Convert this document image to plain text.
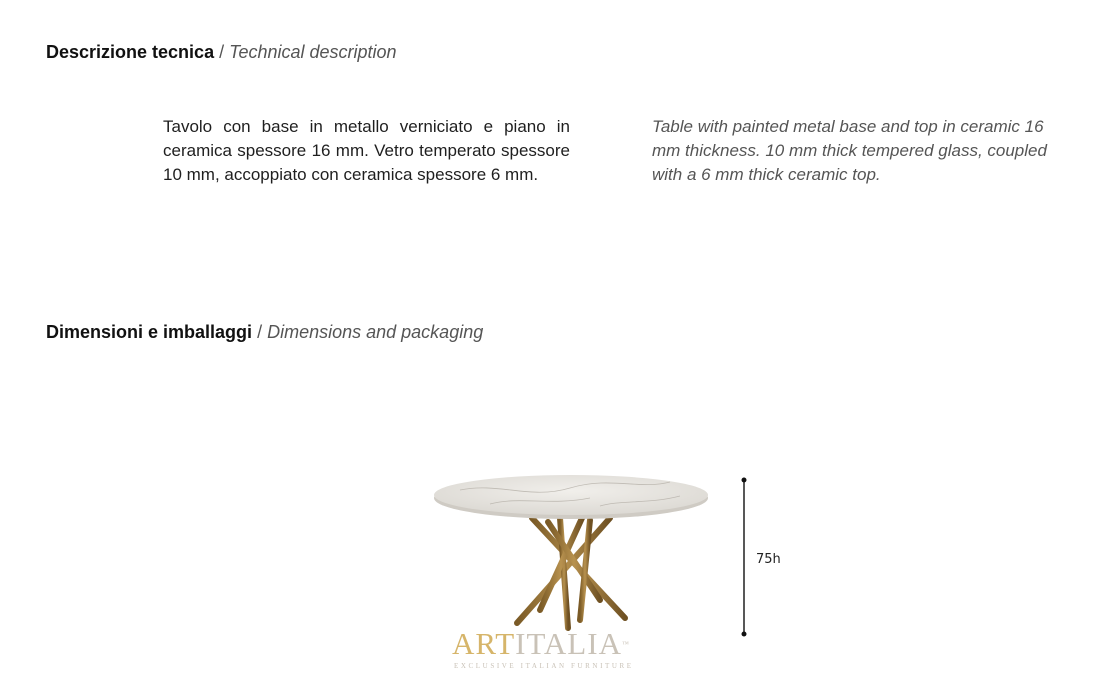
Descrizione tecnica / Technical description
Tavolo con base in metallo verniciato e piano in ceramica spessore 16 mm. Vetro temperato spessore 10 mm, accoppiato con ceramica spessore 6 mm.
Table with painted metal base and top in ceramic 16 mm thickness. 10 mm thick tempered glass, coupled with a 6 mm thick ceramic top.
Dimensioni e imballaggi / Dimensions and packaging
75h
ARTITALIA™
EXCLUSIVE ITALIAN FURNITURE
